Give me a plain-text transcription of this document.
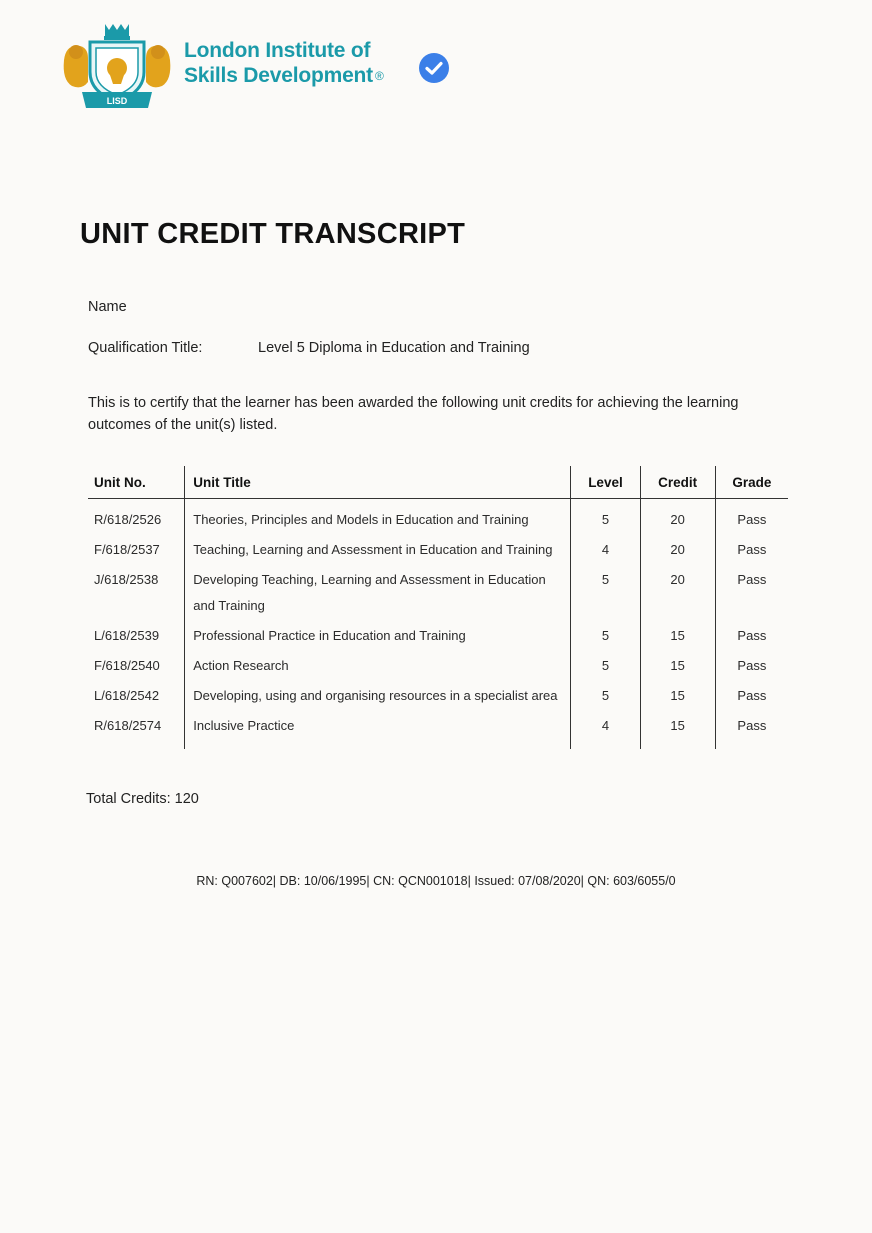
LISD
London Institute of
Skills Development ®
UNIT CREDIT TRANSCRIPT
Name
Qualification Title:	Level 5 Diploma in Education and Training
This is to certify that the learner has been awarded the following unit credits for achieving the learning outcomes of the unit(s) listed.
Unit No.	Unit Title	Level	Credit	Grade
R/618/2526	Theories, Principles and Models in Education and Training	5	20	Pass
F/618/2537	Teaching, Learning and Assessment in Education and Training	4	20	Pass
J/618/2538	Developing Teaching, Learning and Assessment in Education and Training	5	20	Pass
L/618/2539	Professional Practice in Education and Training	5	15	Pass
F/618/2540	Action Research	5	15	Pass
L/618/2542	Developing, using and organising resources in a specialist area	5	15	Pass
R/618/2574	Inclusive Practice	4	15	Pass
Total Credits: 120
RN: Q007602| DB: 10/06/1995| CN: QCN001018| Issued: 07/08/2020| QN: 603/6055/0
